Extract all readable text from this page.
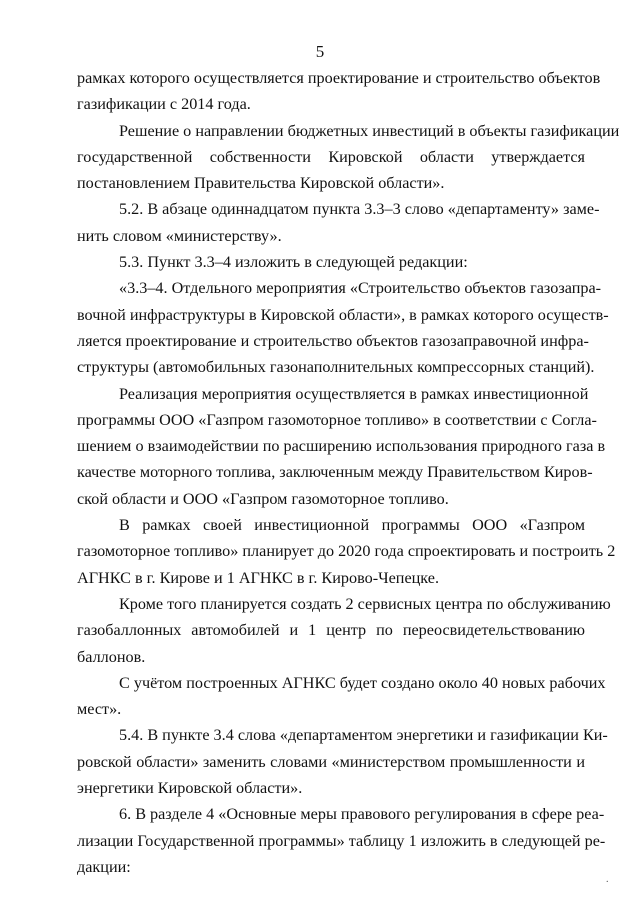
5
рамках которого осуществляется проектирование и строительство объектов
газификации с 2014 года.
Решение о направлении бюджетных инвестиций в объекты газификации
государственной собственности Кировской области утверждается
постановлением Правительства Кировской области».
5.2. В абзаце одиннадцатом пункта 3.3–3 слово «департаменту» заме-
нить словом «министерству».
5.3. Пункт 3.3–4 изложить в следующей редакции:
«3.3–4. Отдельного мероприятия «Строительство объектов газозапра-
вочной инфраструктуры в Кировской области», в рамках которого осуществ-
ляется проектирование и строительство объектов газозаправочной инфра-
структуры (автомобильных газонаполнительных компрессорных станций).
Реализация мероприятия осуществляется в рамках инвестиционной
программы ООО «Газпром газомоторное топливо» в соответствии с Согла-
шением о взаимодействии по расширению использования природного газа в
качестве моторного топлива, заключенным между Правительством Киров-
ской области и ООО «Газпром газомоторное топливо.
В рамках своей инвестиционной программы ООО «Газпром
газомоторное топливо» планирует до 2020 года спроектировать и построить 2
АГНКС в г. Кирове и 1 АГНКС в г. Кирово-Чепецке.
Кроме того планируется создать 2 сервисных центра по обслуживанию
газобаллонных автомобилей и 1 центр по переосвидетельствованию
баллонов.
С учётом построенных АГНКС будет создано около 40 новых рабочих
мест».
5.4. В пункте 3.4 слова «департаментом энергетики и газификации Ки-
ровской области» заменить словами «министерством промышленности и
энергетики Кировской области».
6. В разделе 4 «Основные меры правового регулирования в сфере реа-
лизации Государственной программы» таблицу 1 изложить в следующей ре-
дакции:
.
